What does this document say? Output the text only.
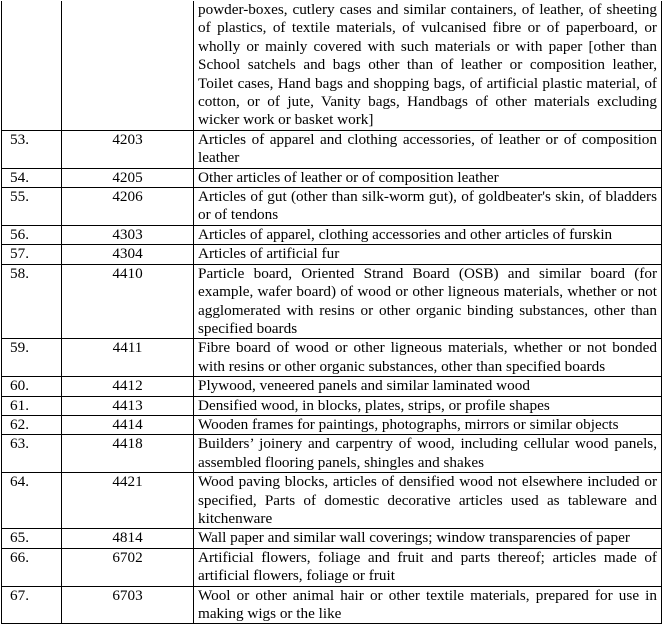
		powder-boxes, cutlery cases and similar containers, of leather, of sheeting of plastics, of textile materials, of vulcanised fibre or of paperboard, or wholly or mainly covered with such materials or with paper [other than School satchels and bags other than of leather or composition leather, Toilet cases, Hand bags and shopping bags, of artificial plastic material, of cotton, or of jute, Vanity bags, Handbags of other materials excluding wicker work or basket work]
53.	4203	Articles of apparel and clothing accessories, of leather or of composition leather
54.	4205	Other articles of leather or of composition leather
55.	4206	Articles of gut (other than silk-worm gut), of goldbeater's skin, of bladders or of tendons
56.	4303	Articles of apparel, clothing accessories and other articles of furskin
57.	4304	Articles of artificial fur
58.	4410	Particle board, Oriented Strand Board (OSB) and similar board (for example, wafer board) of wood or other ligneous materials, whether or not agglomerated with resins or other organic binding substances, other than specified boards
59.	4411	Fibre board of wood or other ligneous materials, whether or not bonded with resins or other organic substances, other than specified boards
60.	4412	Plywood, veneered panels and similar laminated wood
61.	4413	Densified wood, in blocks, plates, strips, or profile shapes
62.	4414	Wooden frames for paintings, photographs, mirrors or similar objects
63.	4418	Builders’ joinery and carpentry of wood, including cellular wood panels, assembled flooring panels, shingles and shakes
64.	4421	Wood paving blocks, articles of densified wood not elsewhere included or specified, Parts of domestic decorative articles used as tableware and kitchenware
65.	4814	Wall paper and similar wall coverings; window transparencies of paper
66.	6702	Artificial flowers, foliage and fruit and parts thereof; articles made of artificial flowers, foliage or fruit
67.	6703	Wool or other animal hair or other textile materials, prepared for use in making wigs or the like
